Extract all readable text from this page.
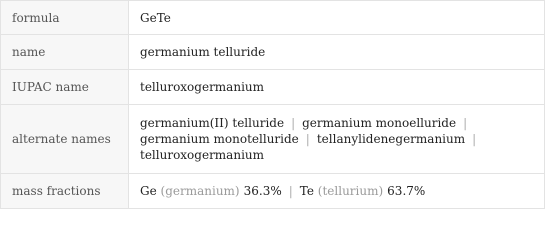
formula	GeTe
name	germanium telluride
IUPAC name	telluroxogermanium
alternate names	germanium(II) telluride | germanium monoelluride |
germanium monotelluride | tellanylidenegermanium |
telluroxogermanium
mass fractions	Ge (germanium) 36.3% | Te (tellurium) 63.7%
